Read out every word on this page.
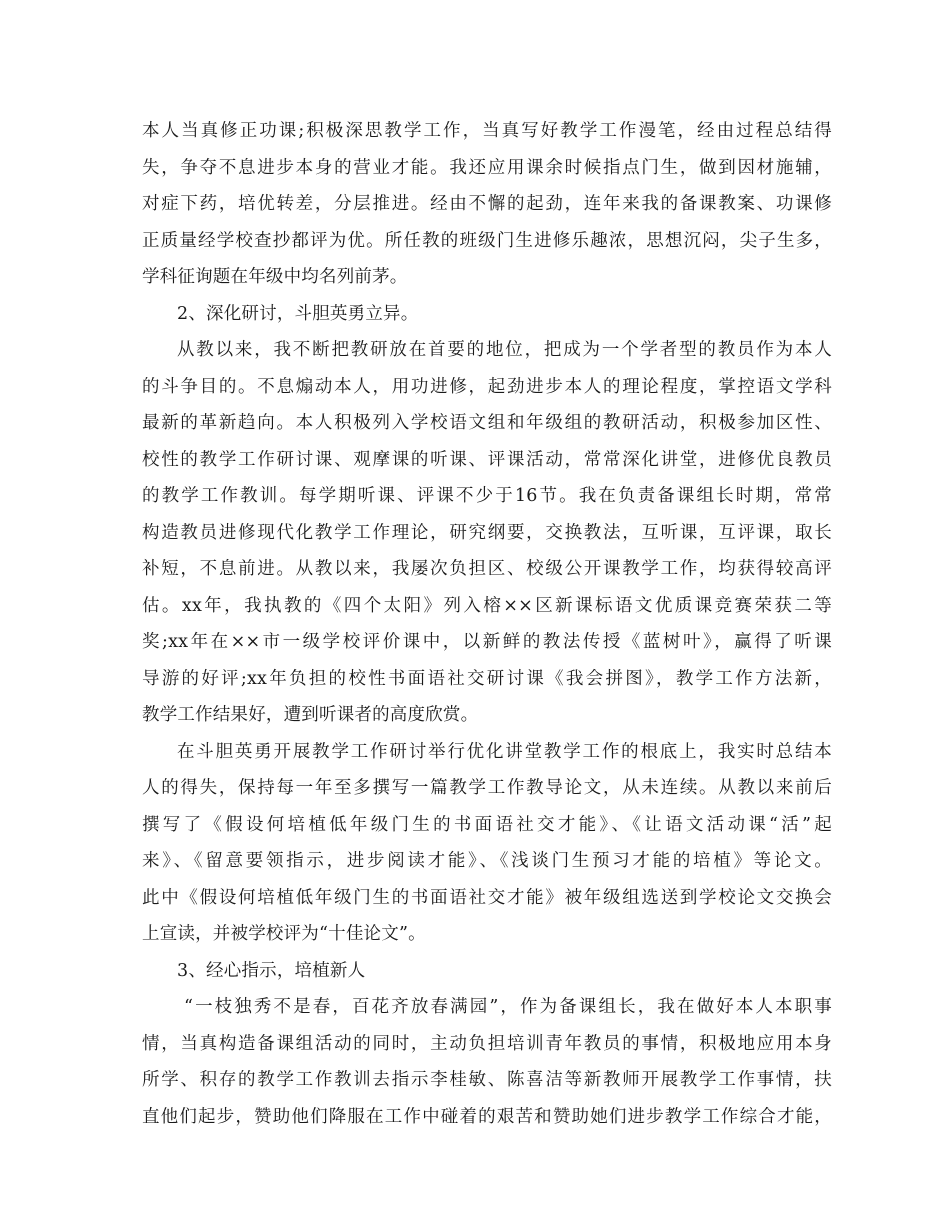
本人当真修正功课;积极深思教学工作，当真写好教学工作漫笔，经由过程总结得
失，争夺不息进步本身的营业才能。我还应用课余时候指点门生，做到因材施辅，
对症下药，培优转差，分层推进。经由不懈的起劲，连年来我的备课教案、功课修
正质量经学校查抄都评为优。所任教的班级门生进修乐趣浓，思想沉闷，尖子生多，
学科征询题在年级中均名列前茅。
2、深化研讨，斗胆英勇立异。
从教以来，我不断把教研放在首要的地位，把成为一个学者型的教员作为本人
的斗争目的。不息煽动本人，用功进修，起劲进步本人的理论程度，掌控语文学科
最新的革新趋向。本人积极列入学校语文组和年级组的教研活动，积极参加区性、
校性的教学工作研讨课、观摩课的听课、评课活动，常常深化讲堂，进修优良教员
的教学工作教训。每学期听课、评课不少于16节。我在负责备课组长时期，常常
构造教员进修现代化教学工作理论，研究纲要，交换教法，互听课，互评课，取长
补短，不息前进。从教以来，我屡次负担区、校级公开课教学工作，均获得较高评
估。xx年，我执教的《四个太阳》列入榕××区新课标语文优质课竞赛荣获二等
奖;xx年在××市一级学校评价课中，以新鲜的教法传授《蓝树叶》，赢得了听课
导游的好评;xx年负担的校性书面语社交研讨课《我会拼图》，教学工作方法新，
教学工作结果好，遭到听课者的高度欣赏。
在斗胆英勇开展教学工作研讨举行优化讲堂教学工作的根底上，我实时总结本
人的得失，保持每一年至多撰写一篇教学工作教导论文，从未连续。从教以来前后
撰写了《假设何培植低年级门生的书面语社交才能》、《让语文活动课“活”起
来》、《留意要领指示，进步阅读才能》、《浅谈门生预习才能的培植》等论文。
此中《假设何培植低年级门生的书面语社交才能》被年级组选送到学校论文交换会
上宣读，并被学校评为“十佳论文”。
3、经心指示，培植新人
“一枝独秀不是春，百花齐放春满园”，作为备课组长，我在做好本人本职事
情，当真构造备课组活动的同时，主动负担培训青年教员的事情，积极地应用本身
所学、积存的教学工作教训去指示李桂敏、陈喜洁等新教师开展教学工作事情，扶
直他们起步，赞助他们降服在工作中碰着的艰苦和赞助她们进步教学工作综合才能，
